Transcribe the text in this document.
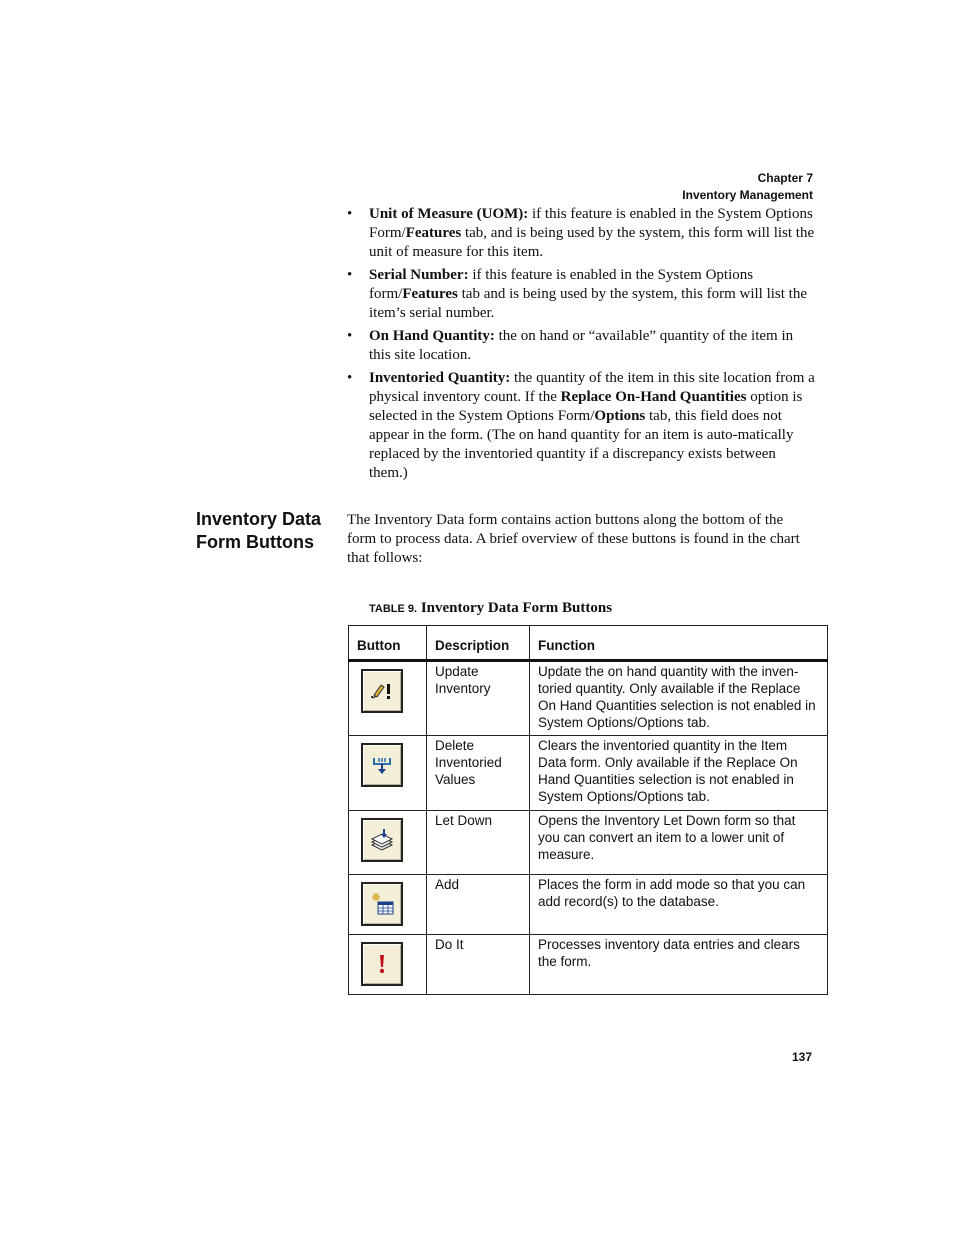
Chapter 7
Inventory Management
• Unit of Measure (UOM): if this feature is enabled in the System Options Form/Features tab, and is being used by the system, this form will list the unit of measure for this item.
• Serial Number: if this feature is enabled in the System Options form/Features tab and is being used by the system, this form will list the item’s serial number.
• On Hand Quantity: the on hand or “available” quantity of the item in this site location.
• Inventoried Quantity: the quantity of the item in this site location from a physical inventory count. If the Replace On-Hand Quantities option is selected in the System Options Form/Options tab, this field does not appear in the form. (The on hand quantity for an item is auto-matically replaced by the inventoried quantity if a discrepancy exists between them.)
Inventory Data Form Buttons
The Inventory Data form contains action buttons along the bottom of the form to process data. A brief overview of these buttons is found in the chart that follows:
TABLE 9. Inventory Data Form Buttons
Button	Description	Function

	Update Inventory	Update the on hand quantity with the inven-toried quantity. Only available if the Replace On Hand Quantities selection is not enabled in System Options/Options tab.

	Delete Inventoried Values	Clears the inventoried quantity in the Item Data form. Only available if the Replace On Hand Quantities selection is not enabled in System Options/Options tab.

	Let Down	Opens the Inventory Let Down form so that you can convert an item to a lower unit of measure.

	Add	Places the form in add mode so that you can add record(s) to the database.

	Do It	Processes inventory data entries and clears the form.
137
